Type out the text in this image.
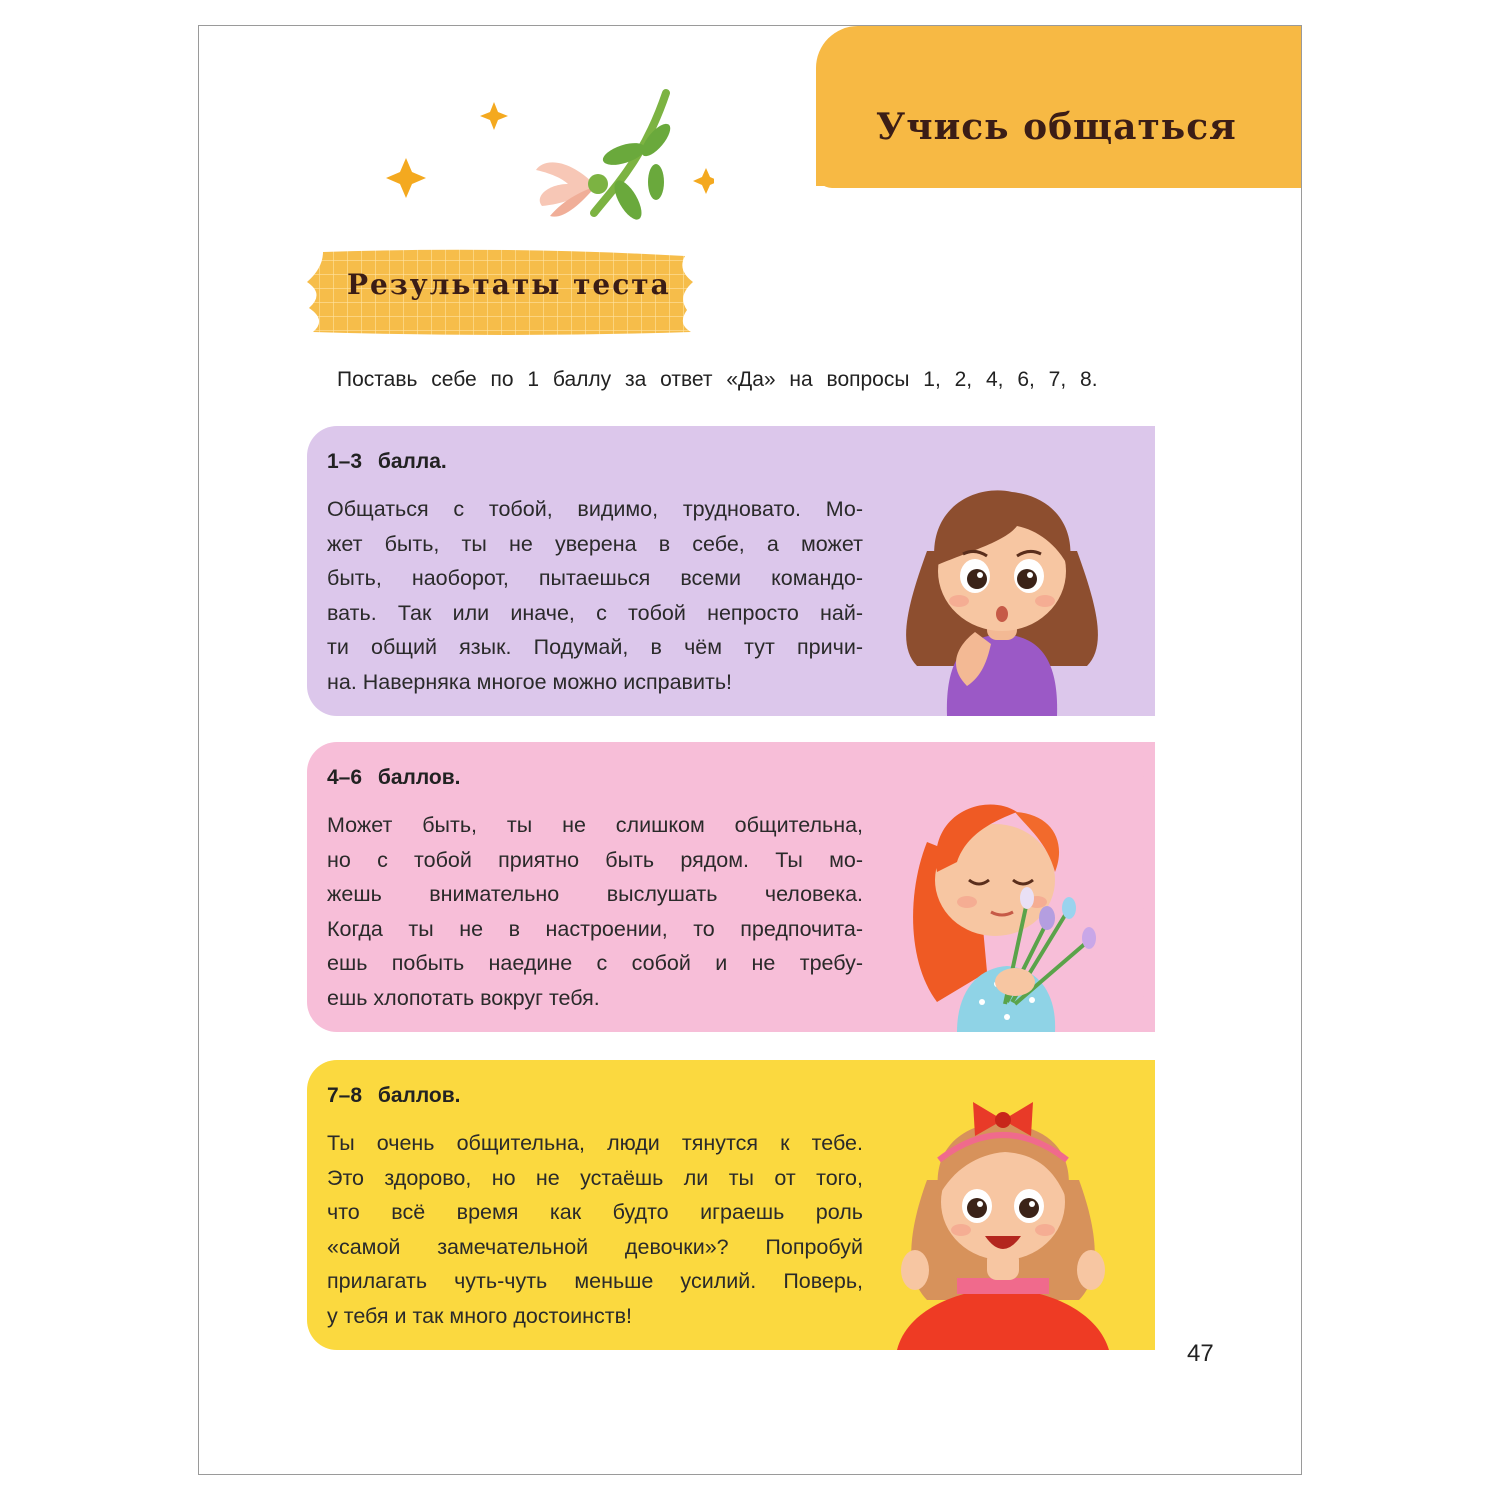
Учись общаться
Результаты теста

Поставь себе по 1 баллу за ответ «Да» на вопросы 1, 2, 4, 6, 7, 8.

1–3 балла.
Общаться с тобой, видимо, трудновато. Мо-
жет быть, ты не уверена в себе, а может
быть, наоборот, пытаешься всеми командо-
вать. Так или иначе, с тобой непросто най-
ти общий язык. Подумай, в чём тут причи-
на. Наверняка многое можно исправить!
4–6 баллов.
Может быть, ты не слишком общительна,
но с тобой приятно быть рядом. Ты мо-
жешь внимательно выслушать человека.
Когда ты не в настроении, то предпочита-
ешь побыть наедине с собой и не требу-
ешь хлопотать вокруг тебя.
7–8 баллов.
Ты очень общительна, люди тянутся к тебе.
Это здорово, но не устаёшь ли ты от того,
что всё время как будто играешь роль
«самой замечательной девочки»? Попробуй
прилагать чуть-чуть меньше усилий. Поверь,
у тебя и так много достоинств!

47
